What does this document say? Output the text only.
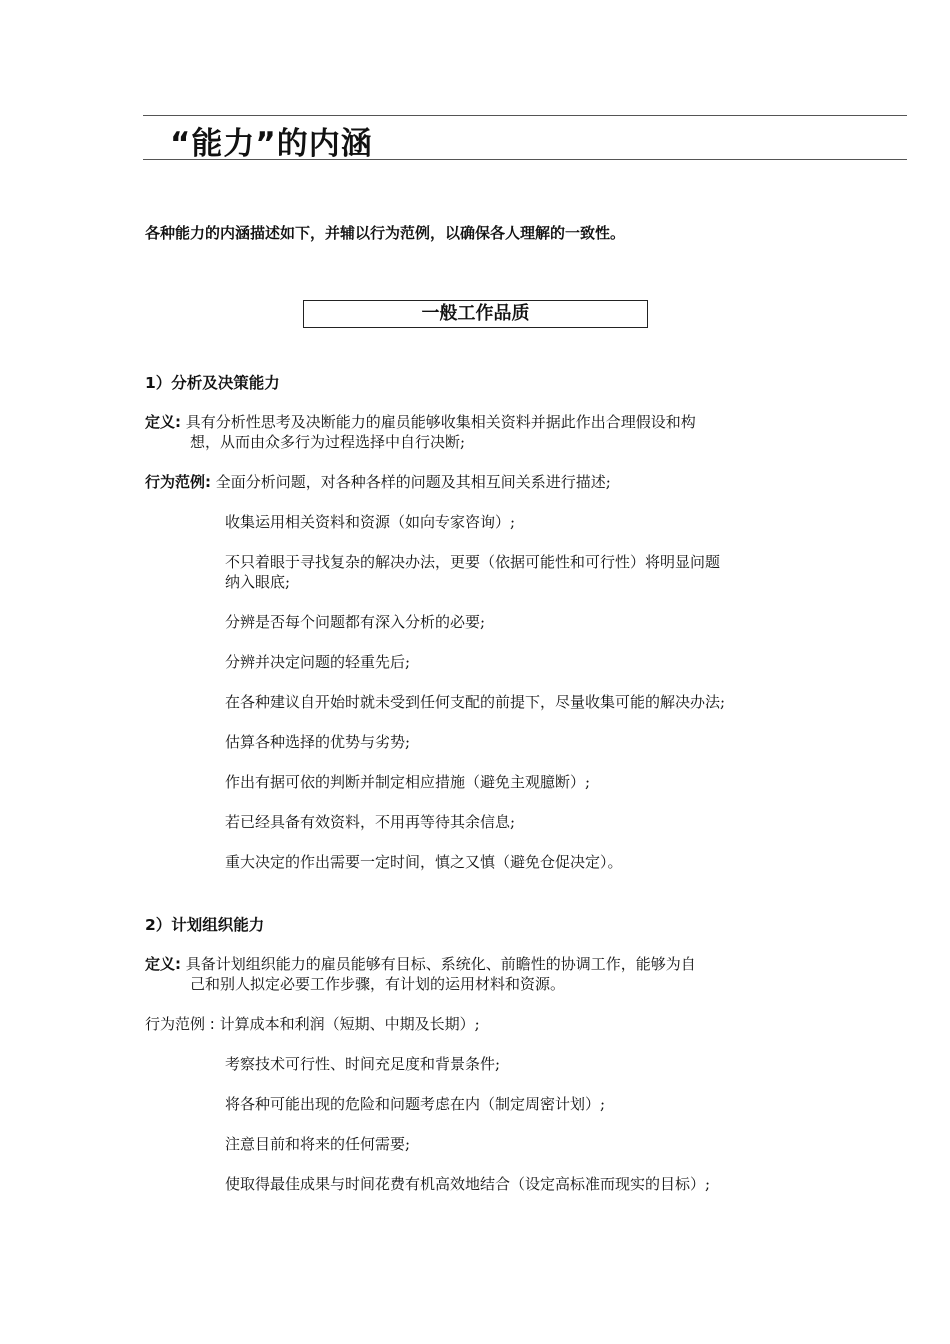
“能力”的内涵
各种能力的内涵描述如下，并辅以行为范例，以确保各人理解的一致性。
一般工作品质
1）分析及决策能力
定义: 具有分析性思考及决断能力的雇员能够收集相关资料并据此作出合理假设和构
想，从而由众多行为过程选择中自行决断;
行为范例: 全面分析问题，对各种各样的问题及其相互间关系进行描述;
收集运用相关资料和资源（如向专家咨询）;
不只着眼于寻找复杂的解决办法，更要（依据可能性和可行性）将明显问题
纳入眼底;
分辨是否每个问题都有深入分析的必要;
分辨并决定问题的轻重先后;
在各种建议自开始时就未受到任何支配的前提下，尽量收集可能的解决办法;
估算各种选择的优势与劣势;
作出有据可依的判断并制定相应措施（避免主观臆断）;
若已经具备有效资料，不用再等待其余信息;
重大决定的作出需要一定时间，慎之又慎（避免仓促决定）。
2）计划组织能力
定义: 具备计划组织能力的雇员能够有目标、系统化、前瞻性的协调工作，能够为自
己和别人拟定必要工作步骤，有计划的运用材料和资源。
行为范例 : 计算成本和利润（短期、中期及长期）;
考察技术可行性、时间充足度和背景条件;
将各种可能出现的危险和问题考虑在内（制定周密计划）;
注意目前和将来的任何需要;
使取得最佳成果与时间花费有机高效地结合（设定高标准而现实的目标）;
